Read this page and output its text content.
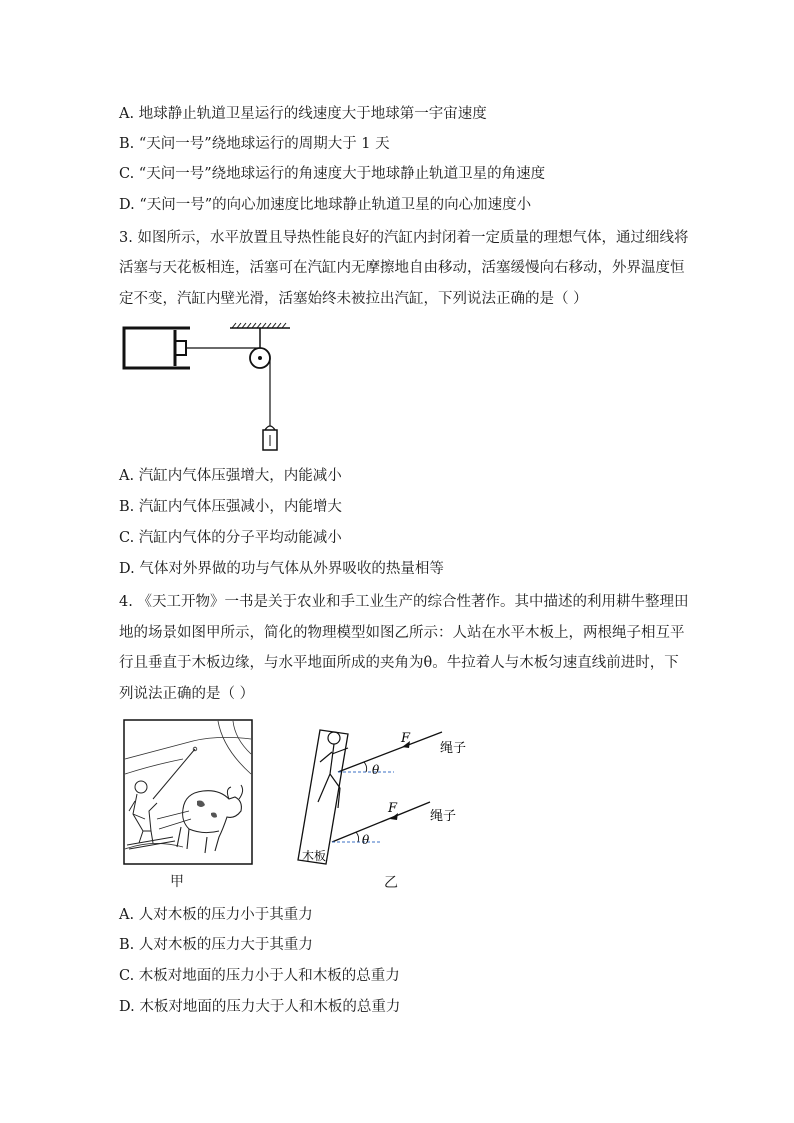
A. 地球静止轨道卫星运行的线速度大于地球第一宇宙速度
B. “天问一号”绕地球运行的周期大于 1 天
C. “天问一号”绕地球运行的角速度大于地球静止轨道卫星的角速度
D. “天问一号”的向心加速度比地球静止轨道卫星的向心加速度小
3. 如图所示，水平放置且导热性能良好的汽缸内封闭着一定质量的理想气体，通过细线将
活塞与天花板相连，活塞可在汽缸内无摩擦地自由移动，活塞缓慢向右移动，外界温度恒
定不变，汽缸内壁光滑，活塞始终未被拉出汽缸，下列说法正确的是（ ）
A. 汽缸内气体压强增大，内能减小
B. 汽缸内气体压强减小，内能增大
C. 汽缸内气体的分子平均动能减小
D. 气体对外界做的功与气体从外界吸收的热量相等
4. 《天工开物》一书是关于农业和手工业生产的综合性著作。其中描述的利用耕牛整理田
地的场景如图甲所示，简化的物理模型如图乙所示：人站在水平木板上，两根绳子相互平
行且垂直于木板边缘，与水平地面所成的夹角为θ。牛拉着人与木板匀速直线前进时，下
列说法正确的是（ ）
甲
F
θ
F
θ
绳子
绳子
木板
乙
A. 人对木板的压力小于其重力
B. 人对木板的压力大于其重力
C. 木板对地面的压力小于人和木板的总重力
D. 木板对地面的压力大于人和木板的总重力
